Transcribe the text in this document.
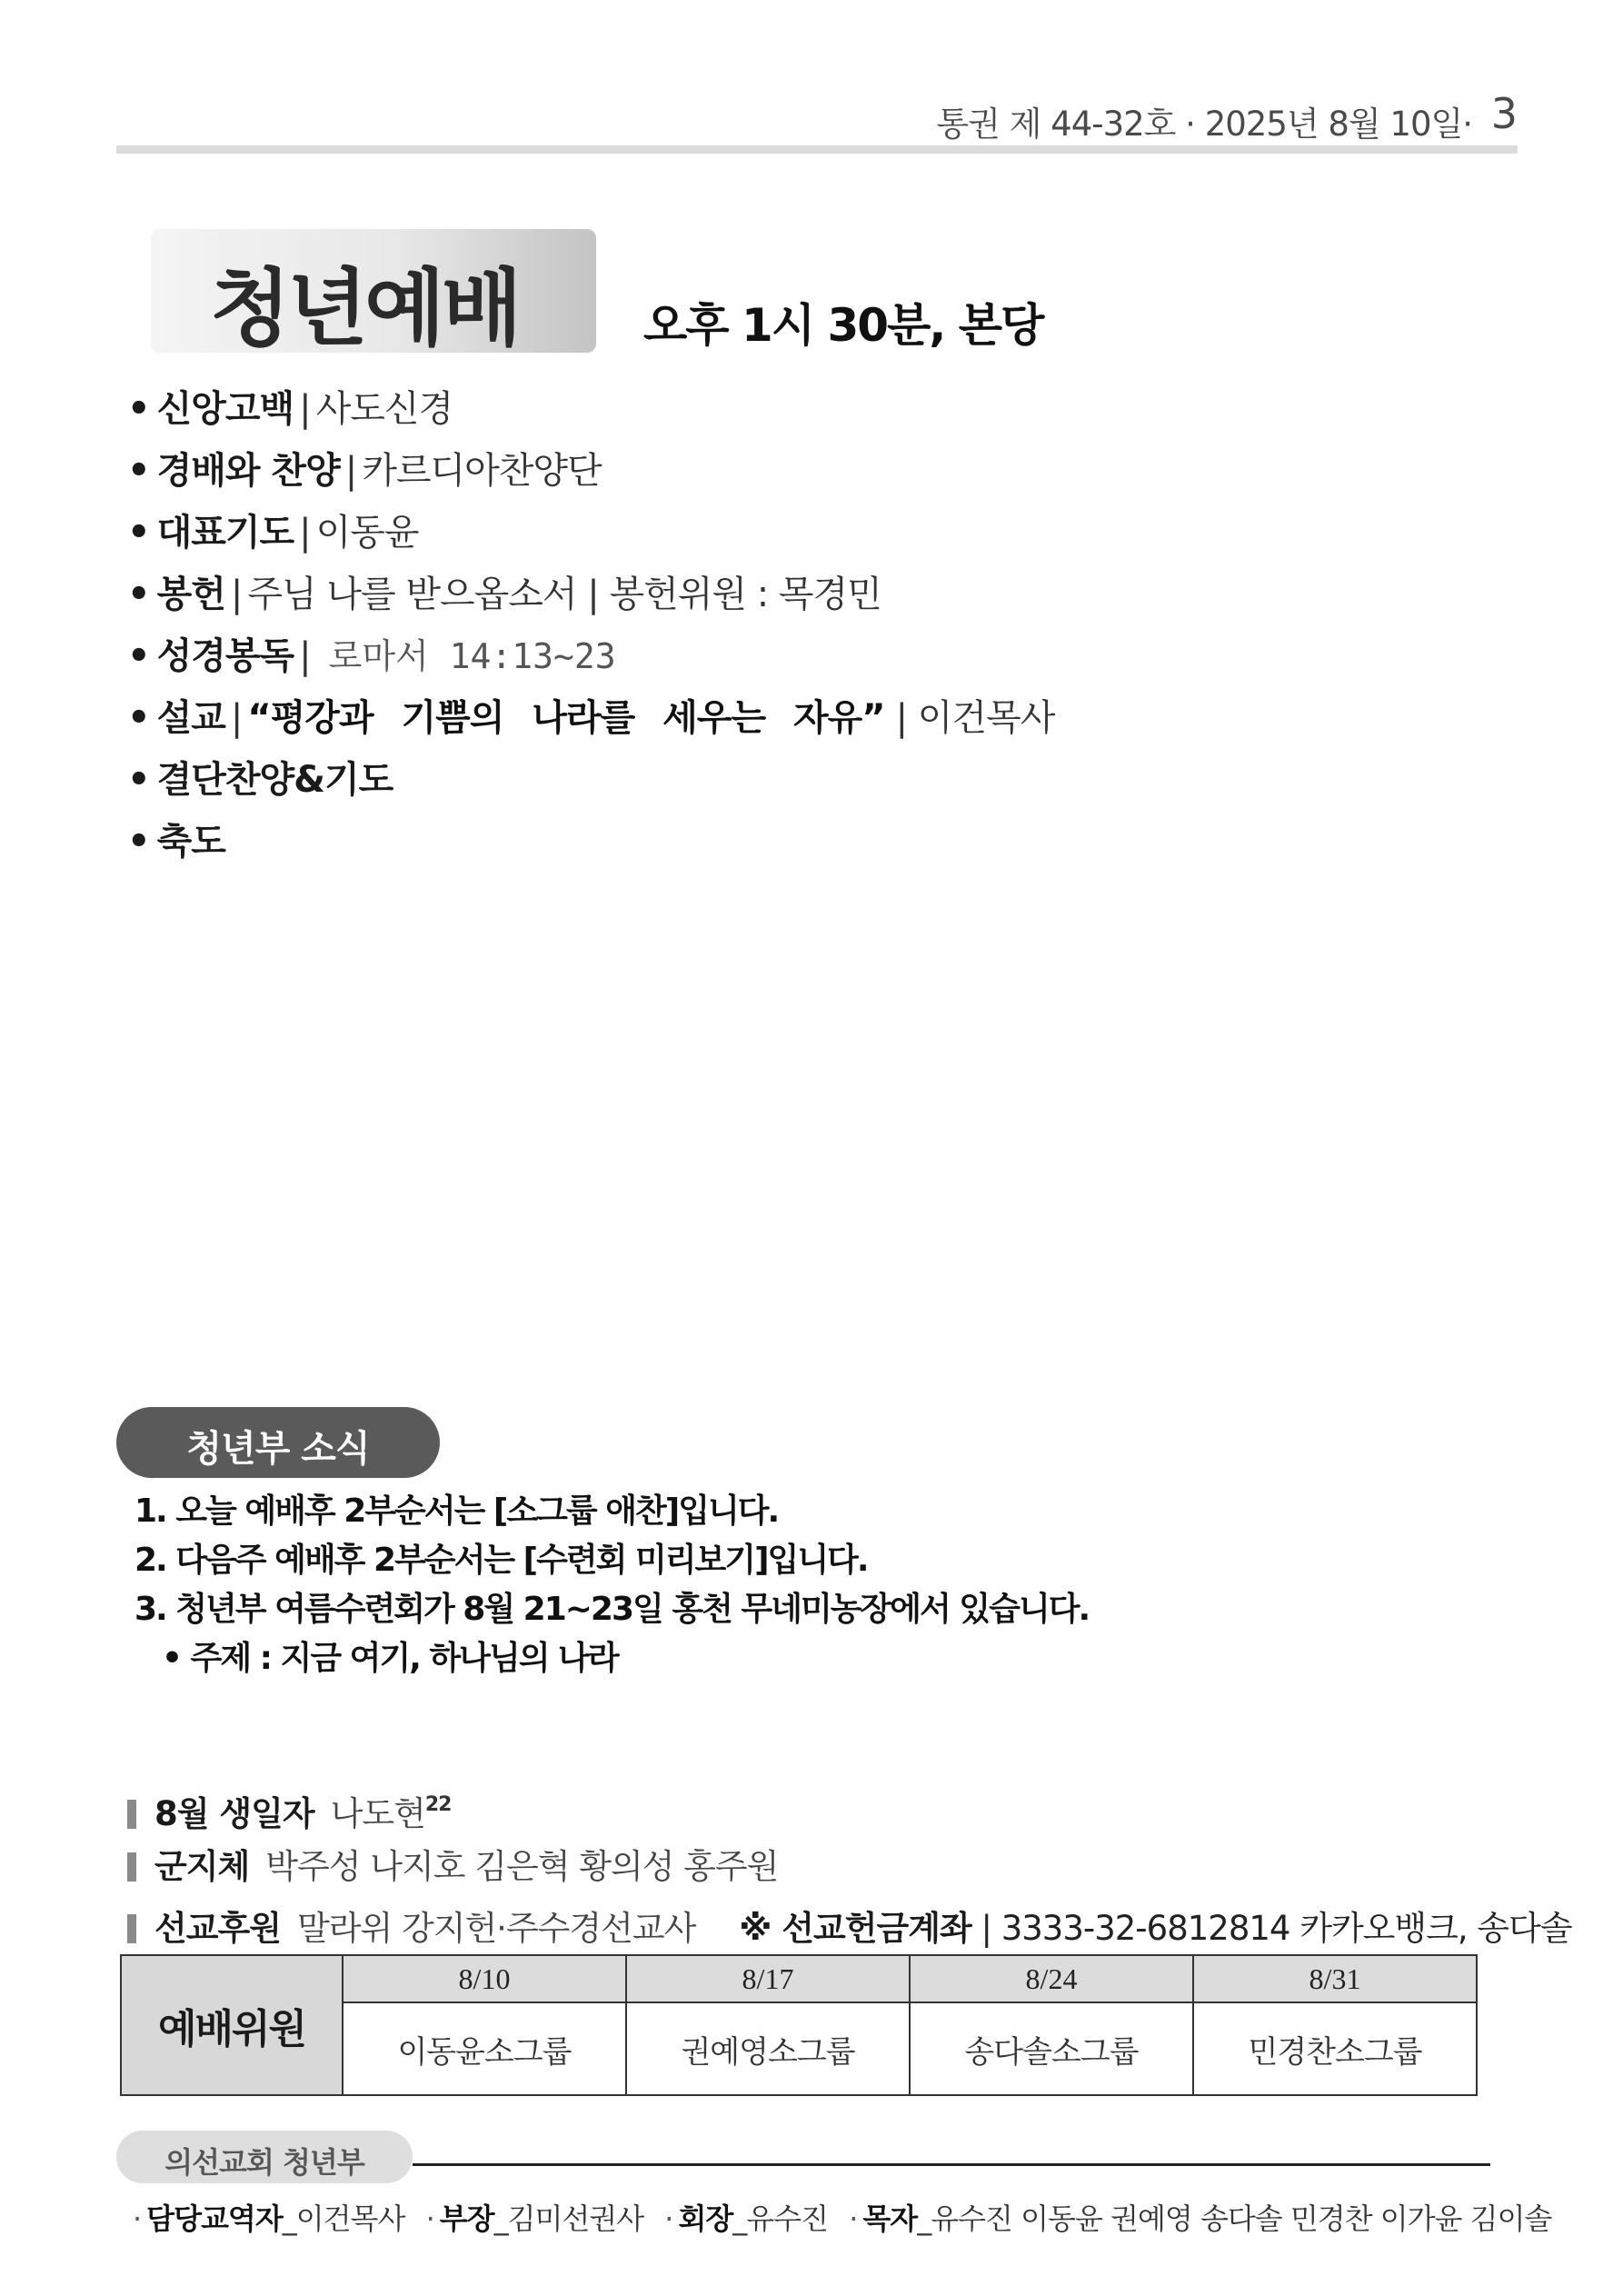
통권 제 44-32호 · 2025년 8월 10일· 3
청년예배	오후 1시 30분, 본당
• 신앙고백 | 사도신경
• 경배와 찬양 | 카르디아찬양단
• 대표기도 | 이동윤
• 봉헌 | 주님 나를 받으옵소서 | 봉헌위원 : 목경민
• 성경봉독 | 로마서 14:13~23
• 설교 | “평강과 기쁨의 나라를 세우는 자유” | 이건목사
• 결단찬양&기도
• 축도
청년부 소식
1. 오늘 예배후 2부순서는 [소그룹 애찬]입니다.
2. 다음주 예배후 2부순서는 [수련회 미리보기]입니다.
3. 청년부 여름수련회가 8월 21~23일 홍천 무네미농장에서 있습니다.
• 주제 : 지금 여기, 하나님의 나라
8월 생일자 나도현$^{22}$
군지체 박주성 나지호 김은혁 황의성 홍주원
선교후원 말라위 강지헌·주수경선교사 ※ 선교헌금계좌 | 3333-32-6812814 카카오뱅크, 송다솔
예배위원	8/10	8/17	8/24	8/31
	이동윤소그룹	권예영소그룹	송다솔소그룹	민경찬소그룹
의선교회 청년부
· 담당교역자_이건목사 · 부장_김미선권사 · 회장_유수진 · 목자_유수진 이동윤 권예영 송다솔 민경찬 이가윤 김이솔
